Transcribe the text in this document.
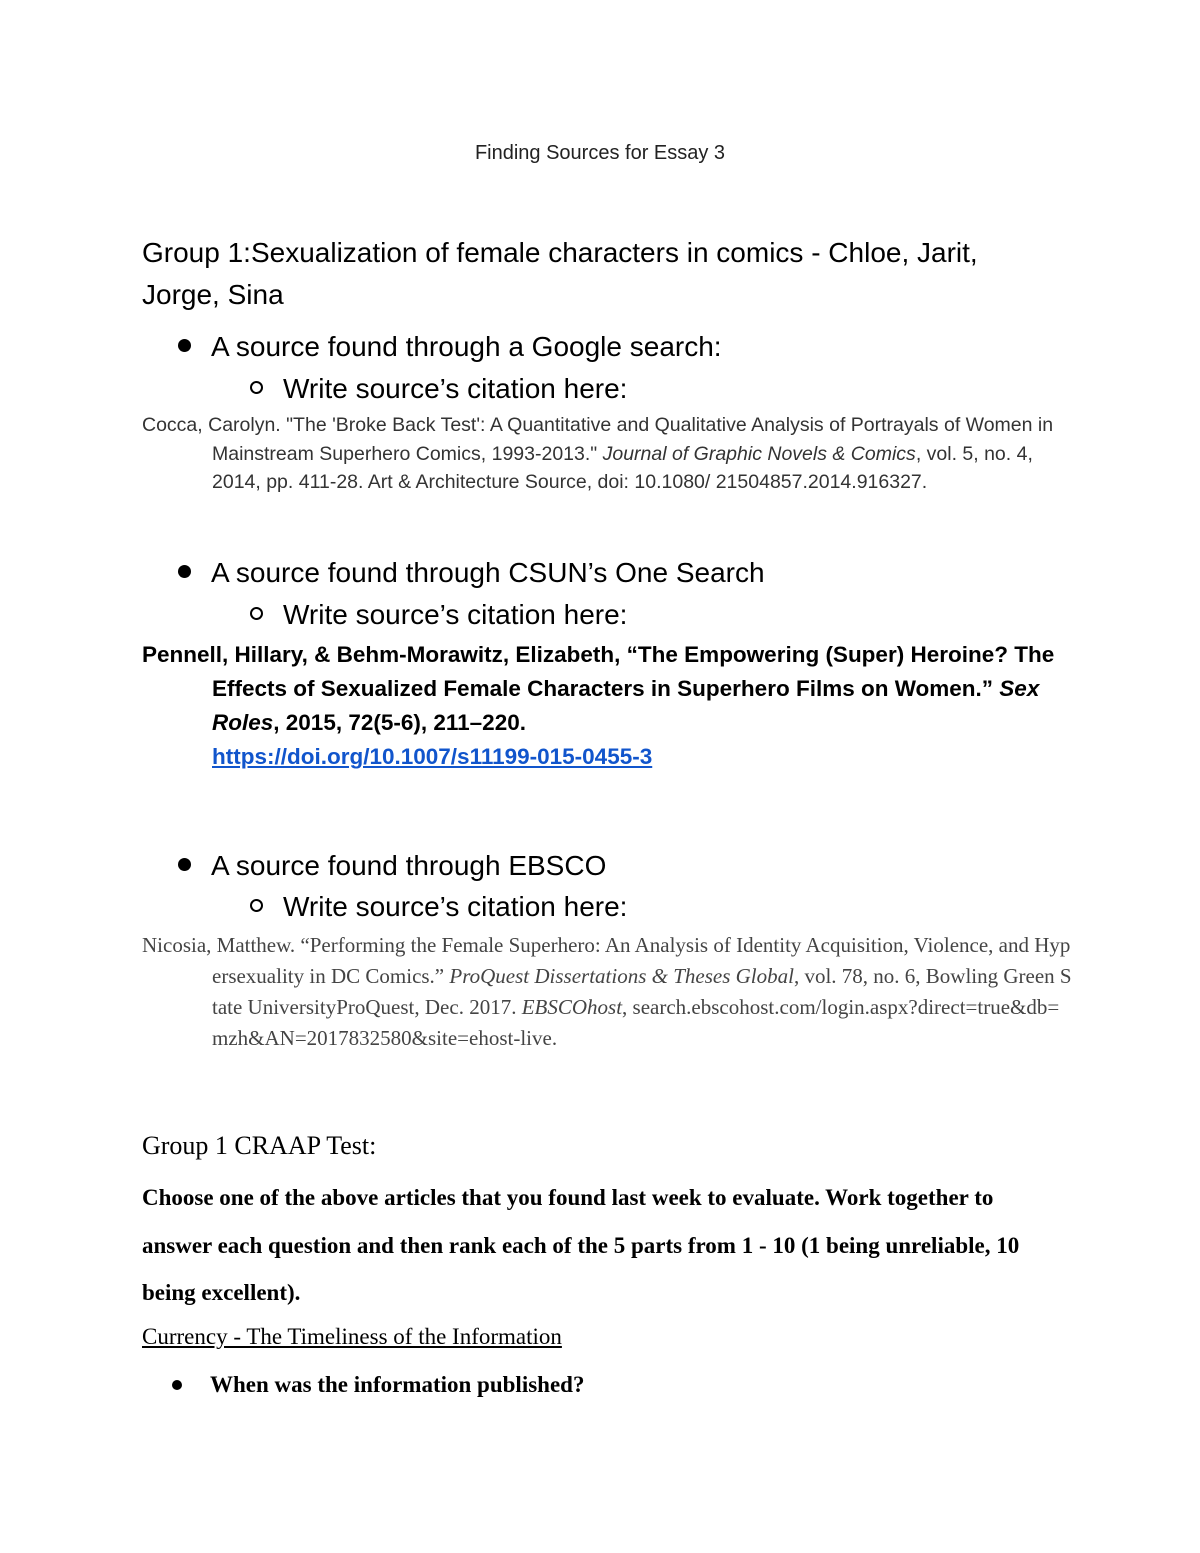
Finding Sources for Essay 3
Group 1:Sexualization of female characters in comics - Chloe, Jarit, Jorge, Sina
A source found through a Google search:
Write source’s citation here:
Cocca, Carolyn. "The 'Broke Back Test': A Quantitative and Qualitative Analysis of Portrayals of Women in Mainstream Superhero Comics, 1993-2013." Journal of Graphic Novels & Comics, vol. 5, no. 4, 2014, pp. 411-28. Art & Architecture Source, doi: 10.1080/ 21504857.2014.916327.
A source found through CSUN’s One Search
Write source’s citation here:
Pennell, Hillary, & Behm-Morawitz, Elizabeth, “The Empowering (Super) Heroine? The Effects of Sexualized Female Characters in Superhero Films on Women.” Sex Roles, 2015, 72(5-6), 211–220.
https://doi.org/10.1007/s11199-015-0455-3
A source found through EBSCO
Write source’s citation here:
Nicosia, Matthew. “Performing the Female Superhero: An Analysis of Identity Acquisition, Violence, and Hypersexuality in DC Comics.” ProQuest Dissertations & Theses Global, vol. 78, no. 6, Bowling Green State UniversityProQuest, Dec. 2017. EBSCOhost, search.ebscohost.com/login.aspx?direct=true&db=mzh&AN=2017832580&site=ehost-live.
Group 1 CRAAP Test:
Choose one of the above articles that you found last week to evaluate. Work together to answer each question and then rank each of the 5 parts from 1 - 10 (1 being unreliable, 10 being excellent).
Currency - The Timeliness of the Information
When was the information published?
